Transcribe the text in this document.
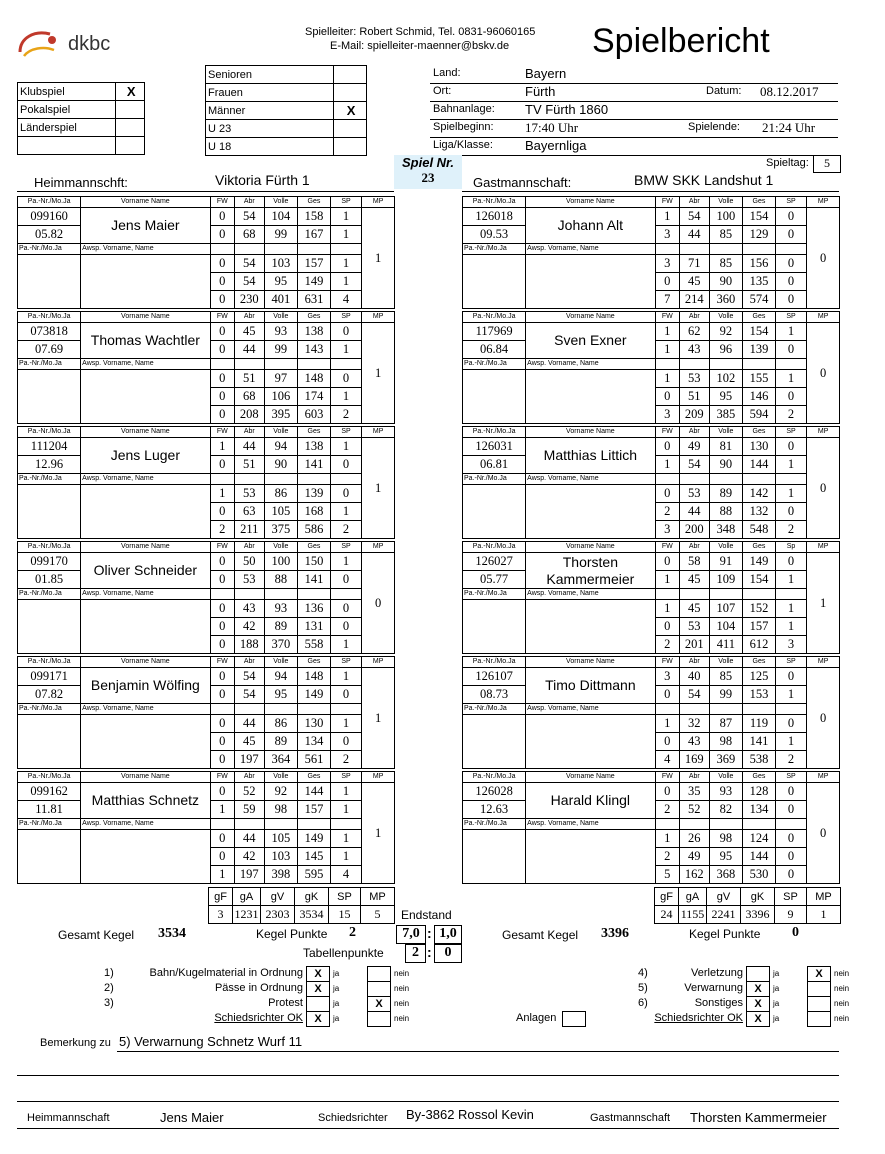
dkbc
Spielleiter: Robert Schmid, Tel. 0831-96060165
E-Mail: spielleiter-maenner@bskv.de Spielbericht
Klubspiel	X
Pokalspiel	
Länderspiel	

Senioren	
Frauen	
Männer	X
U 23	
U 18	
Land:	Bayern
Ort:	Fürth	Datum: 08.12.2017
Bahnanlage: TV Fürth 1860
Spielbeginn: 17:40 Uhr	Spielende: 21:24 Uhr
Liga/Klasse: Bayernliga
Spieltag:	5
Spiel Nr.
23
Heimmannschft:	Viktoria Fürth 1	Gastmannschaft:	BMW SKK Landshut 1
Pa.-Nr./Mo.Ja	Vorname Name	FW	Abr	Volle	Ges	SP	MP
099160	Jens Maier	0	54	104	158	1	1
05.82		0	68	99	167	1	
Pa.-Nr./Mo.Ja	Awsp. Vorname, Name						
		0	54	103	157	1	
		0	54	95	149	1	
		0	230	401	631	4	
Pa.-Nr./Mo.Ja	Vorname Name	FW	Abr	Volle	Ges	SP	MP
073818	Thomas Wachtler	0	45	93	138	0	1
07.69		0	44	99	143	1	
Pa.-Nr./Mo.Ja	Awsp. Vorname, Name						
		0	51	97	148	0	
		0	68	106	174	1	
		0	208	395	603	2	
Pa.-Nr./Mo.Ja	Vorname Name	FW	Abr	Volle	Ges	SP	MP
111204	Jens Luger	1	44	94	138	1	1
12.96		0	51	90	141	0	
Pa.-Nr./Mo.Ja	Awsp. Vorname, Name						
		1	53	86	139	0	
		0	63	105	168	1	
		2	211	375	586	2	
Pa.-Nr./Mo.Ja	Vorname Name	FW	Abr	Volle	Ges	SP	MP
099170	Oliver Schneider	0	50	100	150	1	0
01.85		0	53	88	141	0	
Pa.-Nr./Mo.Ja	Awsp. Vorname, Name						
		0	43	93	136	0	
		0	42	89	131	0	
		0	188	370	558	1	
Pa.-Nr./Mo.Ja	Vorname Name	FW	Abr	Volle	Ges	SP	MP
099171	Benjamin Wölfing	0	54	94	148	1	1
07.82		0	54	95	149	0	
Pa.-Nr./Mo.Ja	Awsp. Vorname, Name						
		0	44	86	130	1	
		0	45	89	134	0	
		0	197	364	561	2	
Pa.-Nr./Mo.Ja	Vorname Name	FW	Abr	Volle	Ges	SP	MP
099162	Matthias Schnetz	0	52	92	144	1	1
11.81		1	59	98	157	1	
Pa.-Nr./Mo.Ja	Awsp. Vorname, Name						
		0	44	105	149	1	
		0	42	103	145	1	
		1	197	398	595	4	
Pa.-Nr./Mo.Ja	Vorname Name	FW	Abr	Volle	Ges	SP	MP
126018	Johann Alt	1	54	100	154	0	0
09.53		3	44	85	129	0	
Pa.-Nr./Mo.Ja	Awsp. Vorname, Name						
		3	71	85	156	0	
		0	45	90	135	0	
		7	214	360	574	0	
Pa.-Nr./Mo.Ja	Vorname Name	FW	Abr	Volle	Ges	SP	MP
117969	Sven Exner	1	62	92	154	1	0
06.84		1	43	96	139	0	
Pa.-Nr./Mo.Ja	Awsp. Vorname, Name						
		1	53	102	155	1	
		0	51	95	146	0	
		3	209	385	594	2	
Pa.-Nr./Mo.Ja	Vorname Name	FW	Abr	Volle	Ges	SP	MP
126031	Matthias Littich	0	49	81	130	0	0
06.81		1	54	90	144	1	
Pa.-Nr./Mo.Ja	Awsp. Vorname, Name						
		0	53	89	142	1	
		2	44	88	132	0	
		3	200	348	548	2	
Pa.-Nr./Mo.Ja	Vorname Name	FW	Abr	Volle	Ges	Sp	MP
126027	Thorsten Kammermeier	0	58	91	149	0	1
05.77		1	45	109	154	1	
Pa.-Nr./Mo.Ja	Awsp. Vorname, Name						
		1	45	107	152	1	
		0	53	104	157	1	
		2	201	411	612	3	
Pa.-Nr./Mo.Ja	Vorname Name	FW	Abr	Volle	Ges	SP	MP
126107	Timo Dittmann	3	40	85	125	0	0
08.73		0	54	99	153	1	
Pa.-Nr./Mo.Ja	Awsp. Vorname, Name						
		1	32	87	119	0	
		0	43	98	141	1	
		4	169	369	538	2	
Pa.-Nr./Mo.Ja	Vorname Name	FW	Abr	Volle	Ges	SP	MP
126028	Harald Klingl	0	35	93	128	0	0
12.63		2	52	82	134	0	
Pa.-Nr./Mo.Ja	Awsp. Vorname, Name						
		1	26	98	124	0	
		2	49	95	144	0	
		5	162	368	530	0	
gF	gA	gV	gK	SP	MP
3	1231	2303	3534	15	5
gF	gA	gV	gK	SP	MP
24	1155	2241	3396	9	1
Endstand
Gesamt Kegel 3534	Kegel Punkte 2	7,0 : 1,0
Tabellenpunkte	2 : 0
Gesamt Kegel 3396	Kegel Punkte 0
1)	Bahn/Kugelmaterial in Ordnung	X	ja	nein
2)	Pässe in Ordnung	X	ja	nein
3)	Protest	ja	X	nein
Schiedsrichter OK	X	ja	nein
4)	Verletzung	ja	X	nein
5)	Verwarnung	X	ja	nein
6)	Sonstiges	X	ja	nein
Schiedsrichter OK	X	ja	nein
Anlagen
Bemerkung zu 5) Verwarnung Schnetz Wurf 11
Heimmannschaft	Jens Maier	Schiedsrichter By-3862 Rossol Kevin	Gastmannschaft Thorsten Kammermeier
